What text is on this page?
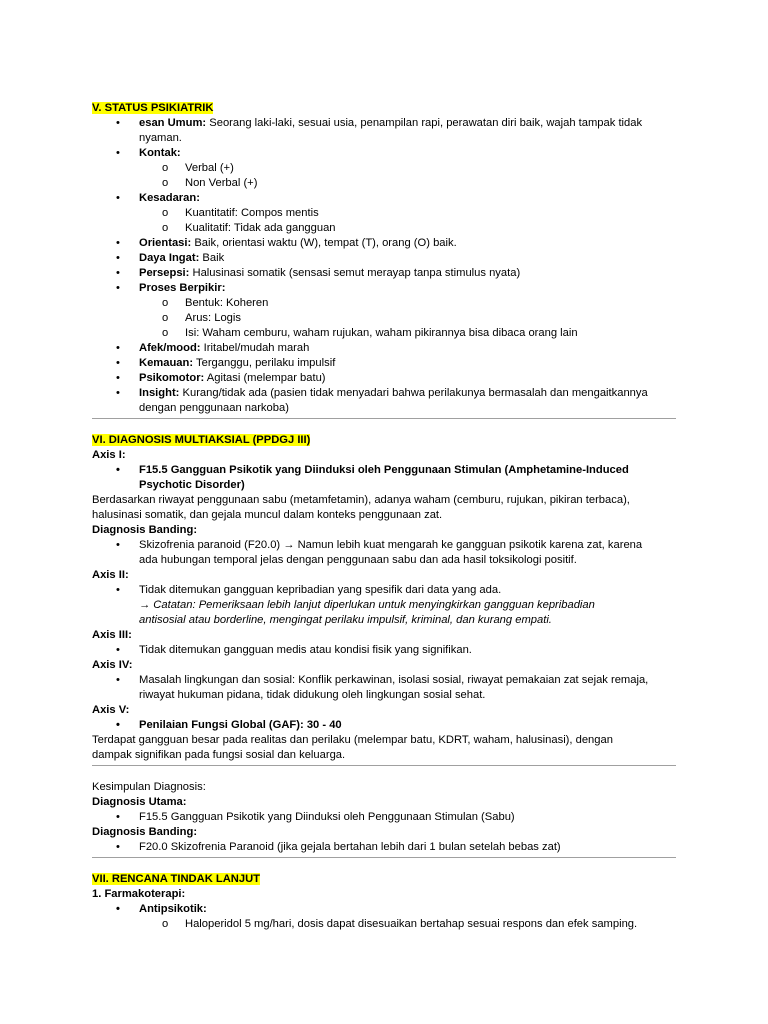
V. STATUS PSIKIATRIK
• esan Umum: Seorang laki-laki, sesuai usia, penampilan rapi, perawatan diri baik, wajah tampak tidak
nyaman.
• Kontak:
o Verbal (+)
o Non Verbal (+)
• Kesadaran:
o Kuantitatif: Compos mentis
o Kualitatif: Tidak ada gangguan
• Orientasi: Baik, orientasi waktu (W), tempat (T), orang (O) baik.
• Daya Ingat: Baik
• Persepsi: Halusinasi somatik (sensasi semut merayap tanpa stimulus nyata)
• Proses Berpikir:
o Bentuk: Koheren
o Arus: Logis
o Isi: Waham cemburu, waham rujukan, waham pikirannya bisa dibaca orang lain
• Afek/mood: Iritabel/mudah marah
• Kemauan: Terganggu, perilaku impulsif
• Psikomotor: Agitasi (melempar batu)
• Insight: Kurang/tidak ada (pasien tidak menyadari bahwa perilakunya bermasalah dan mengaitkannya
dengan penggunaan narkoba)
VI. DIAGNOSIS MULTIAKSIAL (PPDGJ III)
Axis I:
• F15.5 Gangguan Psikotik yang Diinduksi oleh Penggunaan Stimulan (Amphetamine-Induced
Psychotic Disorder)
Berdasarkan riwayat penggunaan sabu (metamfetamin), adanya waham (cemburu, rujukan, pikiran terbaca),
halusinasi somatik, dan gejala muncul dalam konteks penggunaan zat.
Diagnosis Banding:
• Skizofrenia paranoid (F20.0) → Namun lebih kuat mengarah ke gangguan psikotik karena zat, karena
ada hubungan temporal jelas dengan penggunaan sabu dan ada hasil toksikologi positif.
Axis II:
• Tidak ditemukan gangguan kepribadian yang spesifik dari data yang ada.
→ Catatan: Pemeriksaan lebih lanjut diperlukan untuk menyingkirkan gangguan kepribadian
antisosial atau borderline, mengingat perilaku impulsif, kriminal, dan kurang empati.
Axis III:
• Tidak ditemukan gangguan medis atau kondisi fisik yang signifikan.
Axis IV:
• Masalah lingkungan dan sosial: Konflik perkawinan, isolasi sosial, riwayat pemakaian zat sejak remaja,
riwayat hukuman pidana, tidak didukung oleh lingkungan sosial sehat.
Axis V:
• Penilaian Fungsi Global (GAF): 30 - 40
Terdapat gangguan besar pada realitas dan perilaku (melempar batu, KDRT, waham, halusinasi), dengan
dampak signifikan pada fungsi sosial dan keluarga.
Kesimpulan Diagnosis:
Diagnosis Utama:
• F15.5 Gangguan Psikotik yang Diinduksi oleh Penggunaan Stimulan (Sabu)
Diagnosis Banding:
• F20.0 Skizofrenia Paranoid (jika gejala bertahan lebih dari 1 bulan setelah bebas zat)
VII. RENCANA TINDAK LANJUT
1. Farmakoterapi:
• Antipsikotik:
o Haloperidol 5 mg/hari, dosis dapat disesuaikan bertahap sesuai respons dan efek samping.
